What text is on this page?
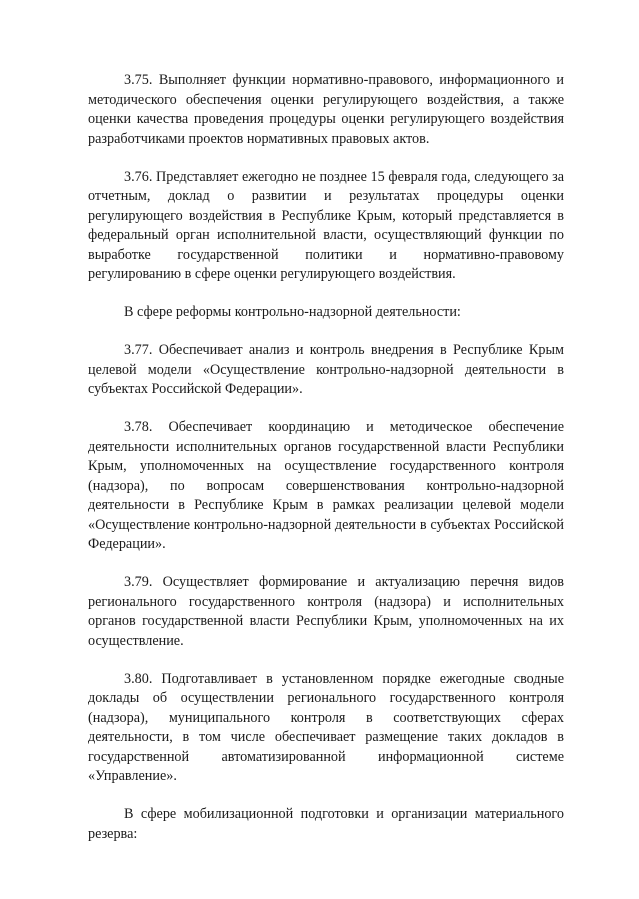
3.75. Выполняет функции нормативно-правового, информационного и методического обеспечения оценки регулирующего воздействия, а также оценки качества проведения процедуры оценки регулирующего воздействия разработчиками проектов нормативных правовых актов.

3.76. Представляет ежегодно не позднее 15 февраля года, следующего за отчетным, доклад о развитии и результатах процедуры оценки регулирующего воздействия в Республике Крым, который представляется в федеральный орган исполнительной власти, осуществляющий функции по выработке государственной политики и нормативно-правовому регулированию в сфере оценки регулирующего воздействия.

В сфере реформы контрольно-надзорной деятельности:

3.77. Обеспечивает анализ и контроль внедрения в Республике Крым целевой модели «Осуществление контрольно-надзорной деятельности в субъектах Российской Федерации».

3.78. Обеспечивает координацию и методическое обеспечение деятельности исполнительных органов государственной власти Республики Крым, уполномоченных на осуществление государственного контроля (надзора), по вопросам совершенствования контрольно-надзорной деятельности в Республике Крым в рамках реализации целевой модели «Осуществление контрольно-надзорной деятельности в субъектах Российской Федерации».

3.79. Осуществляет формирование и актуализацию перечня видов регионального государственного контроля (надзора) и исполнительных органов государственной власти Республики Крым, уполномоченных на их осуществление.

3.80. Подготавливает в установленном порядке ежегодные сводные доклады об осуществлении регионального государственного контроля (надзора), муниципального контроля в соответствующих сферах деятельности, в том числе обеспечивает размещение таких докладов в государственной автоматизированной информационной системе «Управление».

В сфере мобилизационной подготовки и организации материального резерва:
